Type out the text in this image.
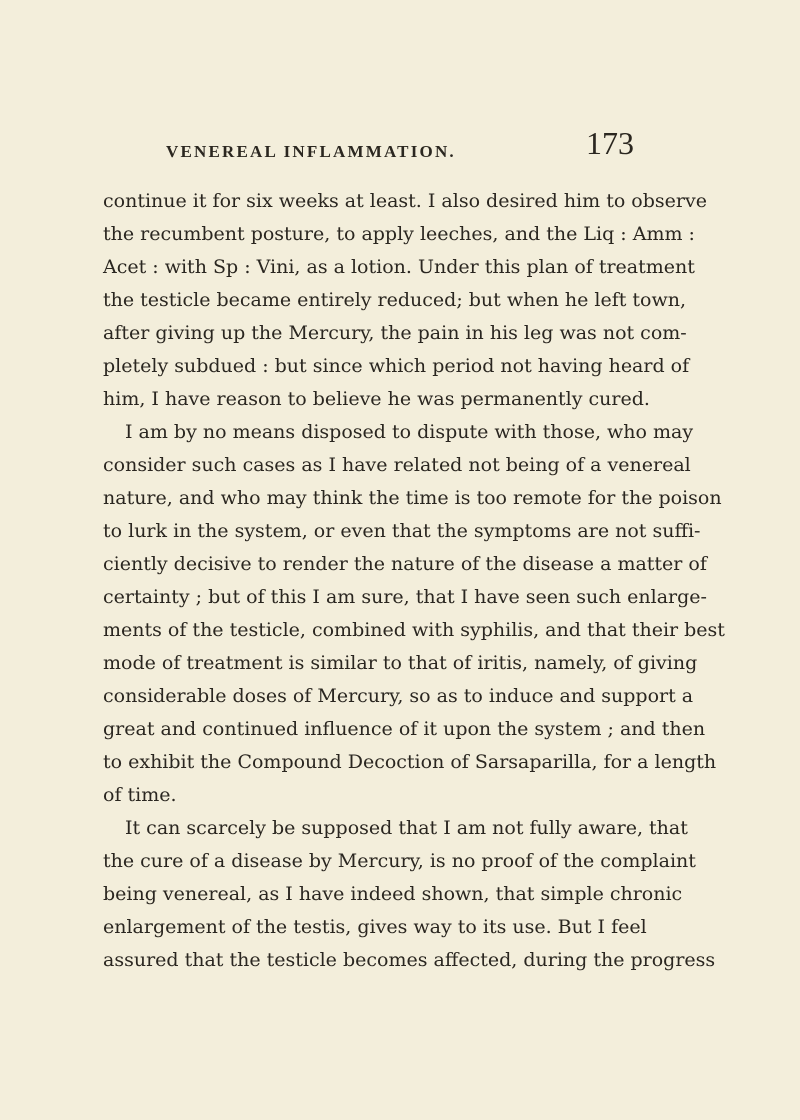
VENEREAL INFLAMMATION.	173
continue it for six weeks at least. I also desired him to observe
the recumbent posture, to apply leeches, and the Liq : Amm :
Acet : with Sp : Vini, as a lotion. Under this plan of treatment
the testicle became entirely reduced; but when he left town,
after giving up the Mercury, the pain in his leg was not com-
pletely subdued : but since which period not having heard of
him, I have reason to believe he was permanently cured.
I am by no means disposed to dispute with those, who may
consider such cases as I have related not being of a venereal
nature, and who may think the time is too remote for the poison
to lurk in the system, or even that the symptoms are not suffi-
ciently decisive to render the nature of the disease a matter of
certainty ; but of this I am sure, that I have seen such enlarge-
ments of the testicle, combined with syphilis, and that their best
mode of treatment is similar to that of iritis, namely, of giving
considerable doses of Mercury, so as to induce and support a
great and continued influence of it upon the system ; and then
to exhibit the Compound Decoction of Sarsaparilla, for a length
of time.
It can scarcely be supposed that I am not fully aware, that
the cure of a disease by Mercury, is no proof of the complaint
being venereal, as I have indeed shown, that simple chronic
enlargement of the testis, gives way to its use. But I feel
assured that the testicle becomes affected, during the progress
